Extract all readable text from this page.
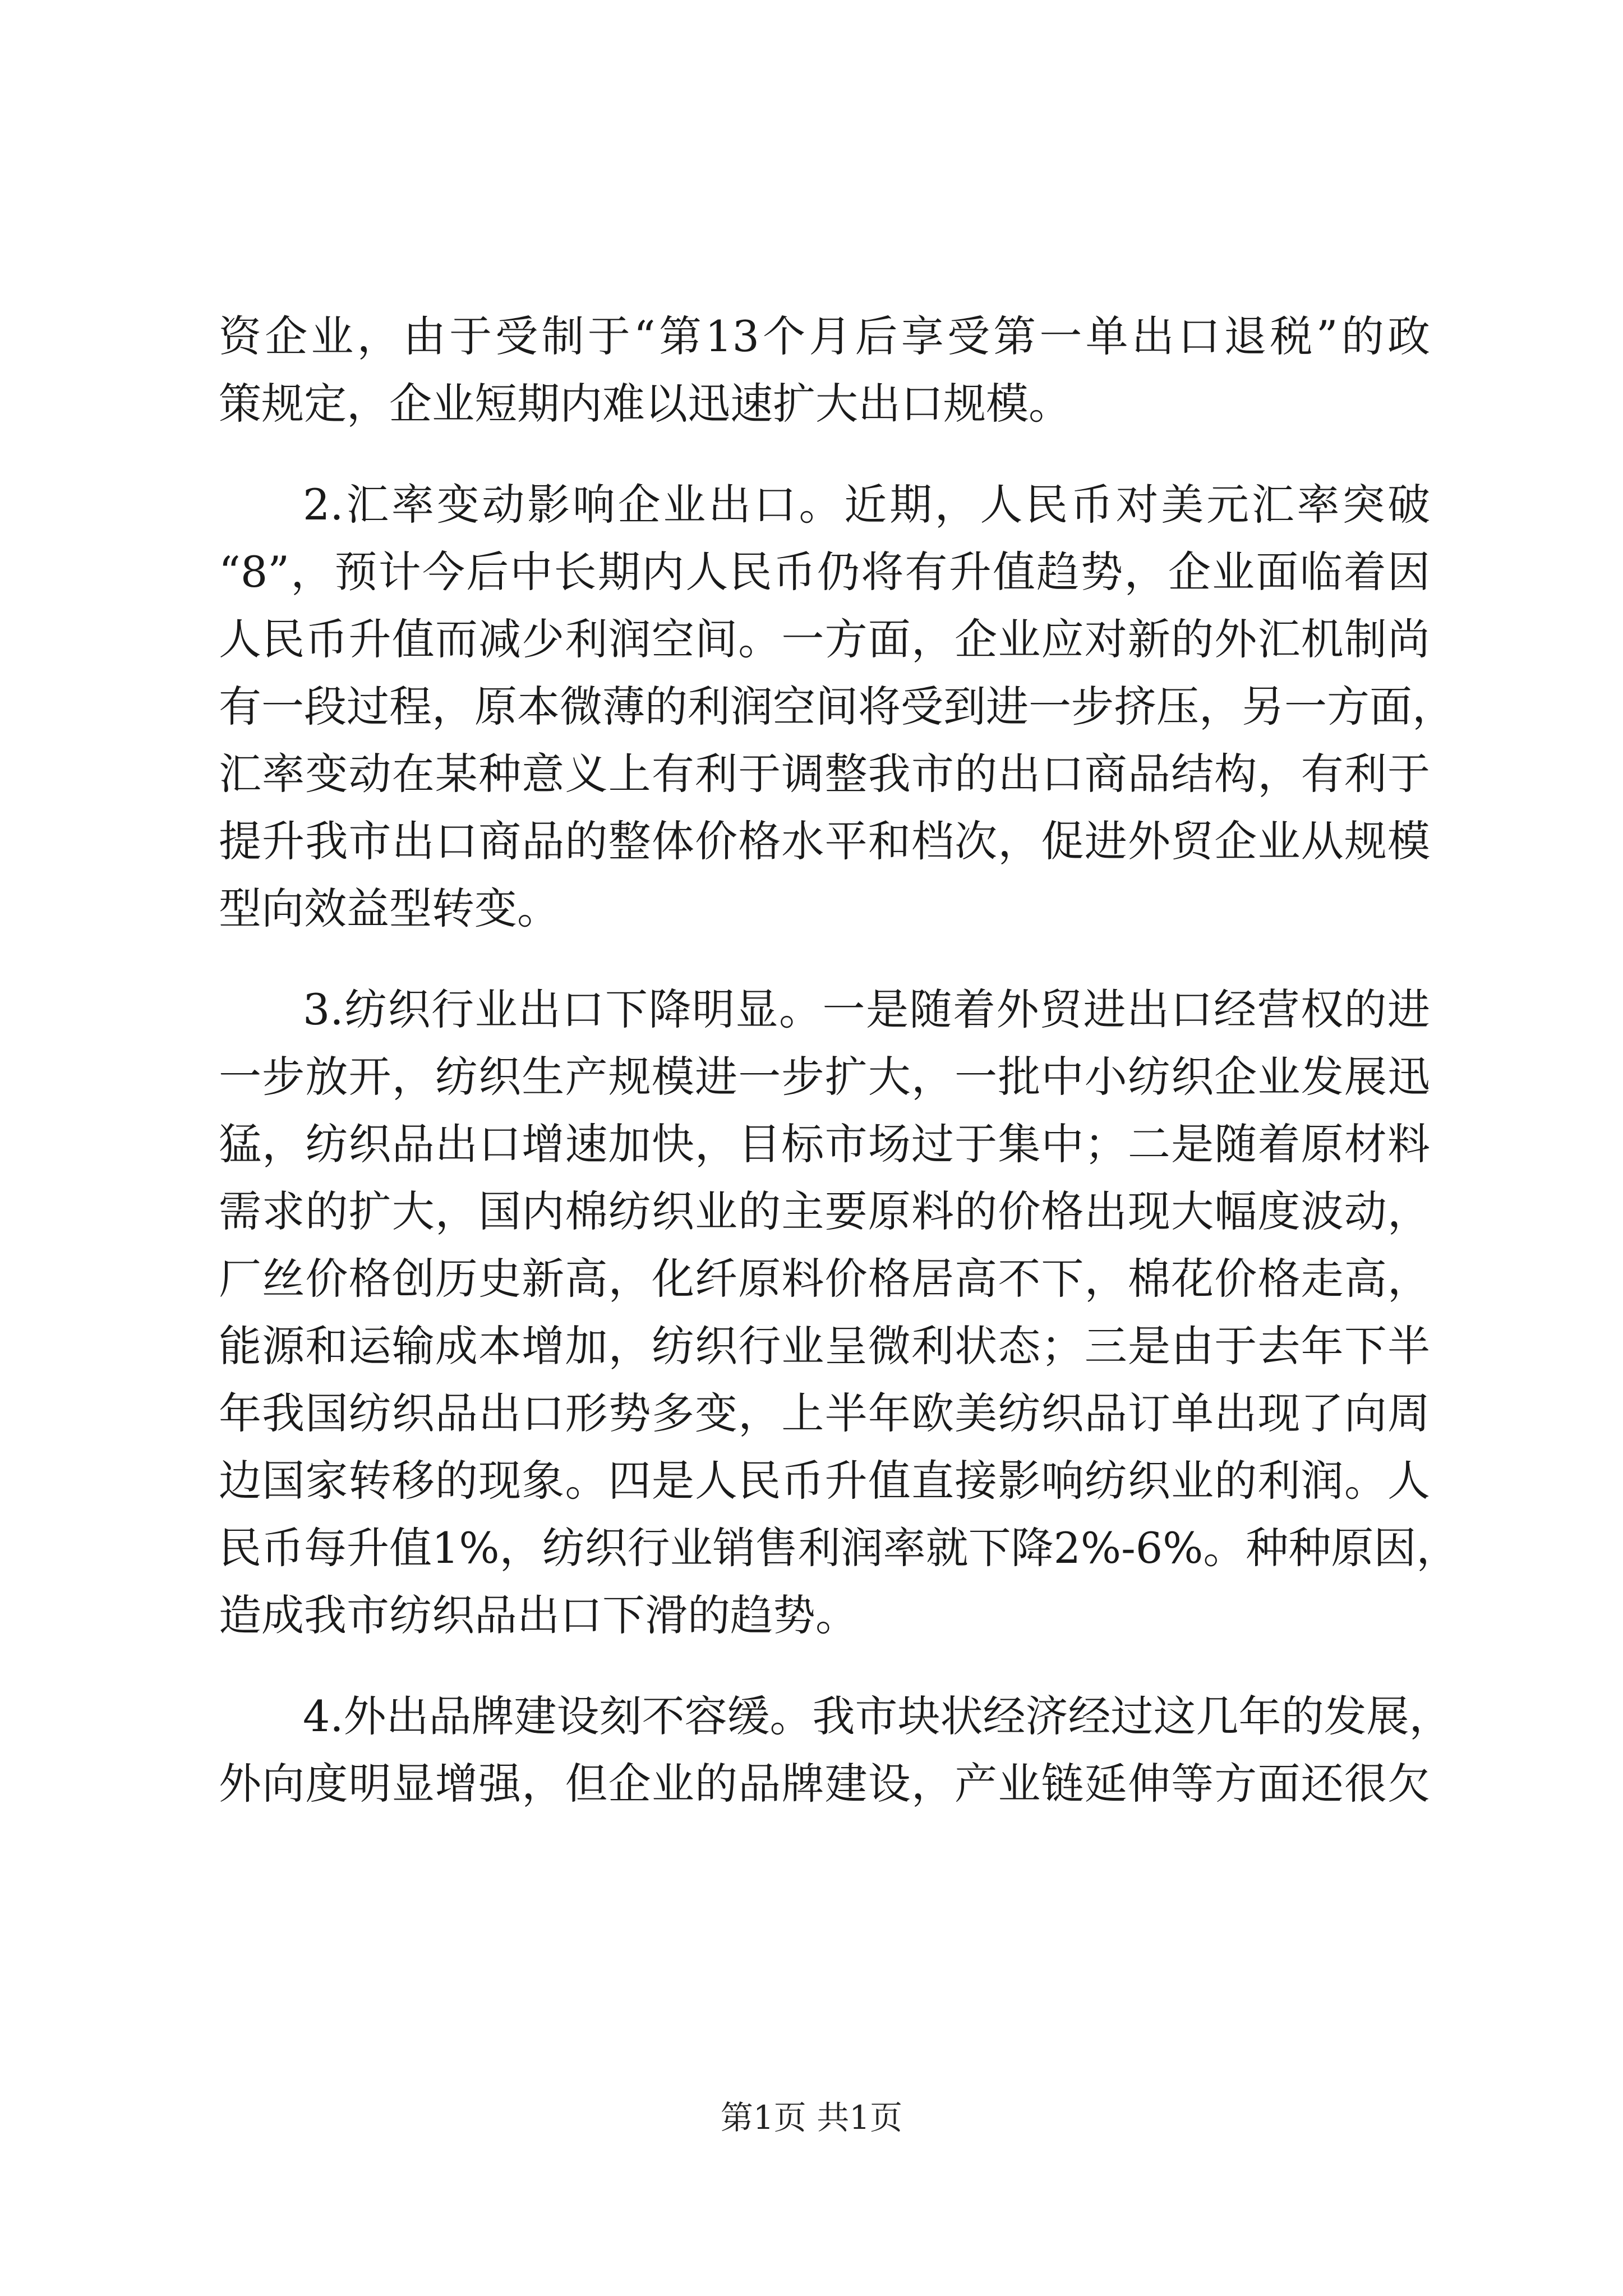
资企业，由于受制于“第13个月后享受第一单出口退税”的政
策规定，企业短期内难以迅速扩大出口规模。
2.汇率变动影响企业出口。近期，人民币对美元汇率突破
“8”，预计今后中长期内人民币仍将有升值趋势，企业面临着因
人民币升值而减少利润空间。一方面，企业应对新的外汇机制尚
有一段过程，原本微薄的利润空间将受到进一步挤压，另一方面，
汇率变动在某种意义上有利于调整我市的出口商品结构，有利于
提升我市出口商品的整体价格水平和档次，促进外贸企业从规模
型向效益型转变。
3.纺织行业出口下降明显。一是随着外贸进出口经营权的进
一步放开，纺织生产规模进一步扩大，一批中小纺织企业发展迅
猛，纺织品出口增速加快，目标市场过于集中；二是随着原材料
需求的扩大，国内棉纺织业的主要原料的价格出现大幅度波动，
厂丝价格创历史新高，化纤原料价格居高不下，棉花价格走高，
能源和运输成本增加，纺织行业呈微利状态；三是由于去年下半
年我国纺织品出口形势多变，上半年欧美纺织品订单出现了向周
边国家转移的现象。四是人民币升值直接影响纺织业的利润。人
民币每升值1%，纺织行业销售利润率就下降2%-6%。种种原因，
造成我市纺织品出口下滑的趋势。
4.外出品牌建设刻不容缓。我市块状经济经过这几年的发展，
外向度明显增强，但企业的品牌建设，产业链延伸等方面还很欠
第1页 共1页
